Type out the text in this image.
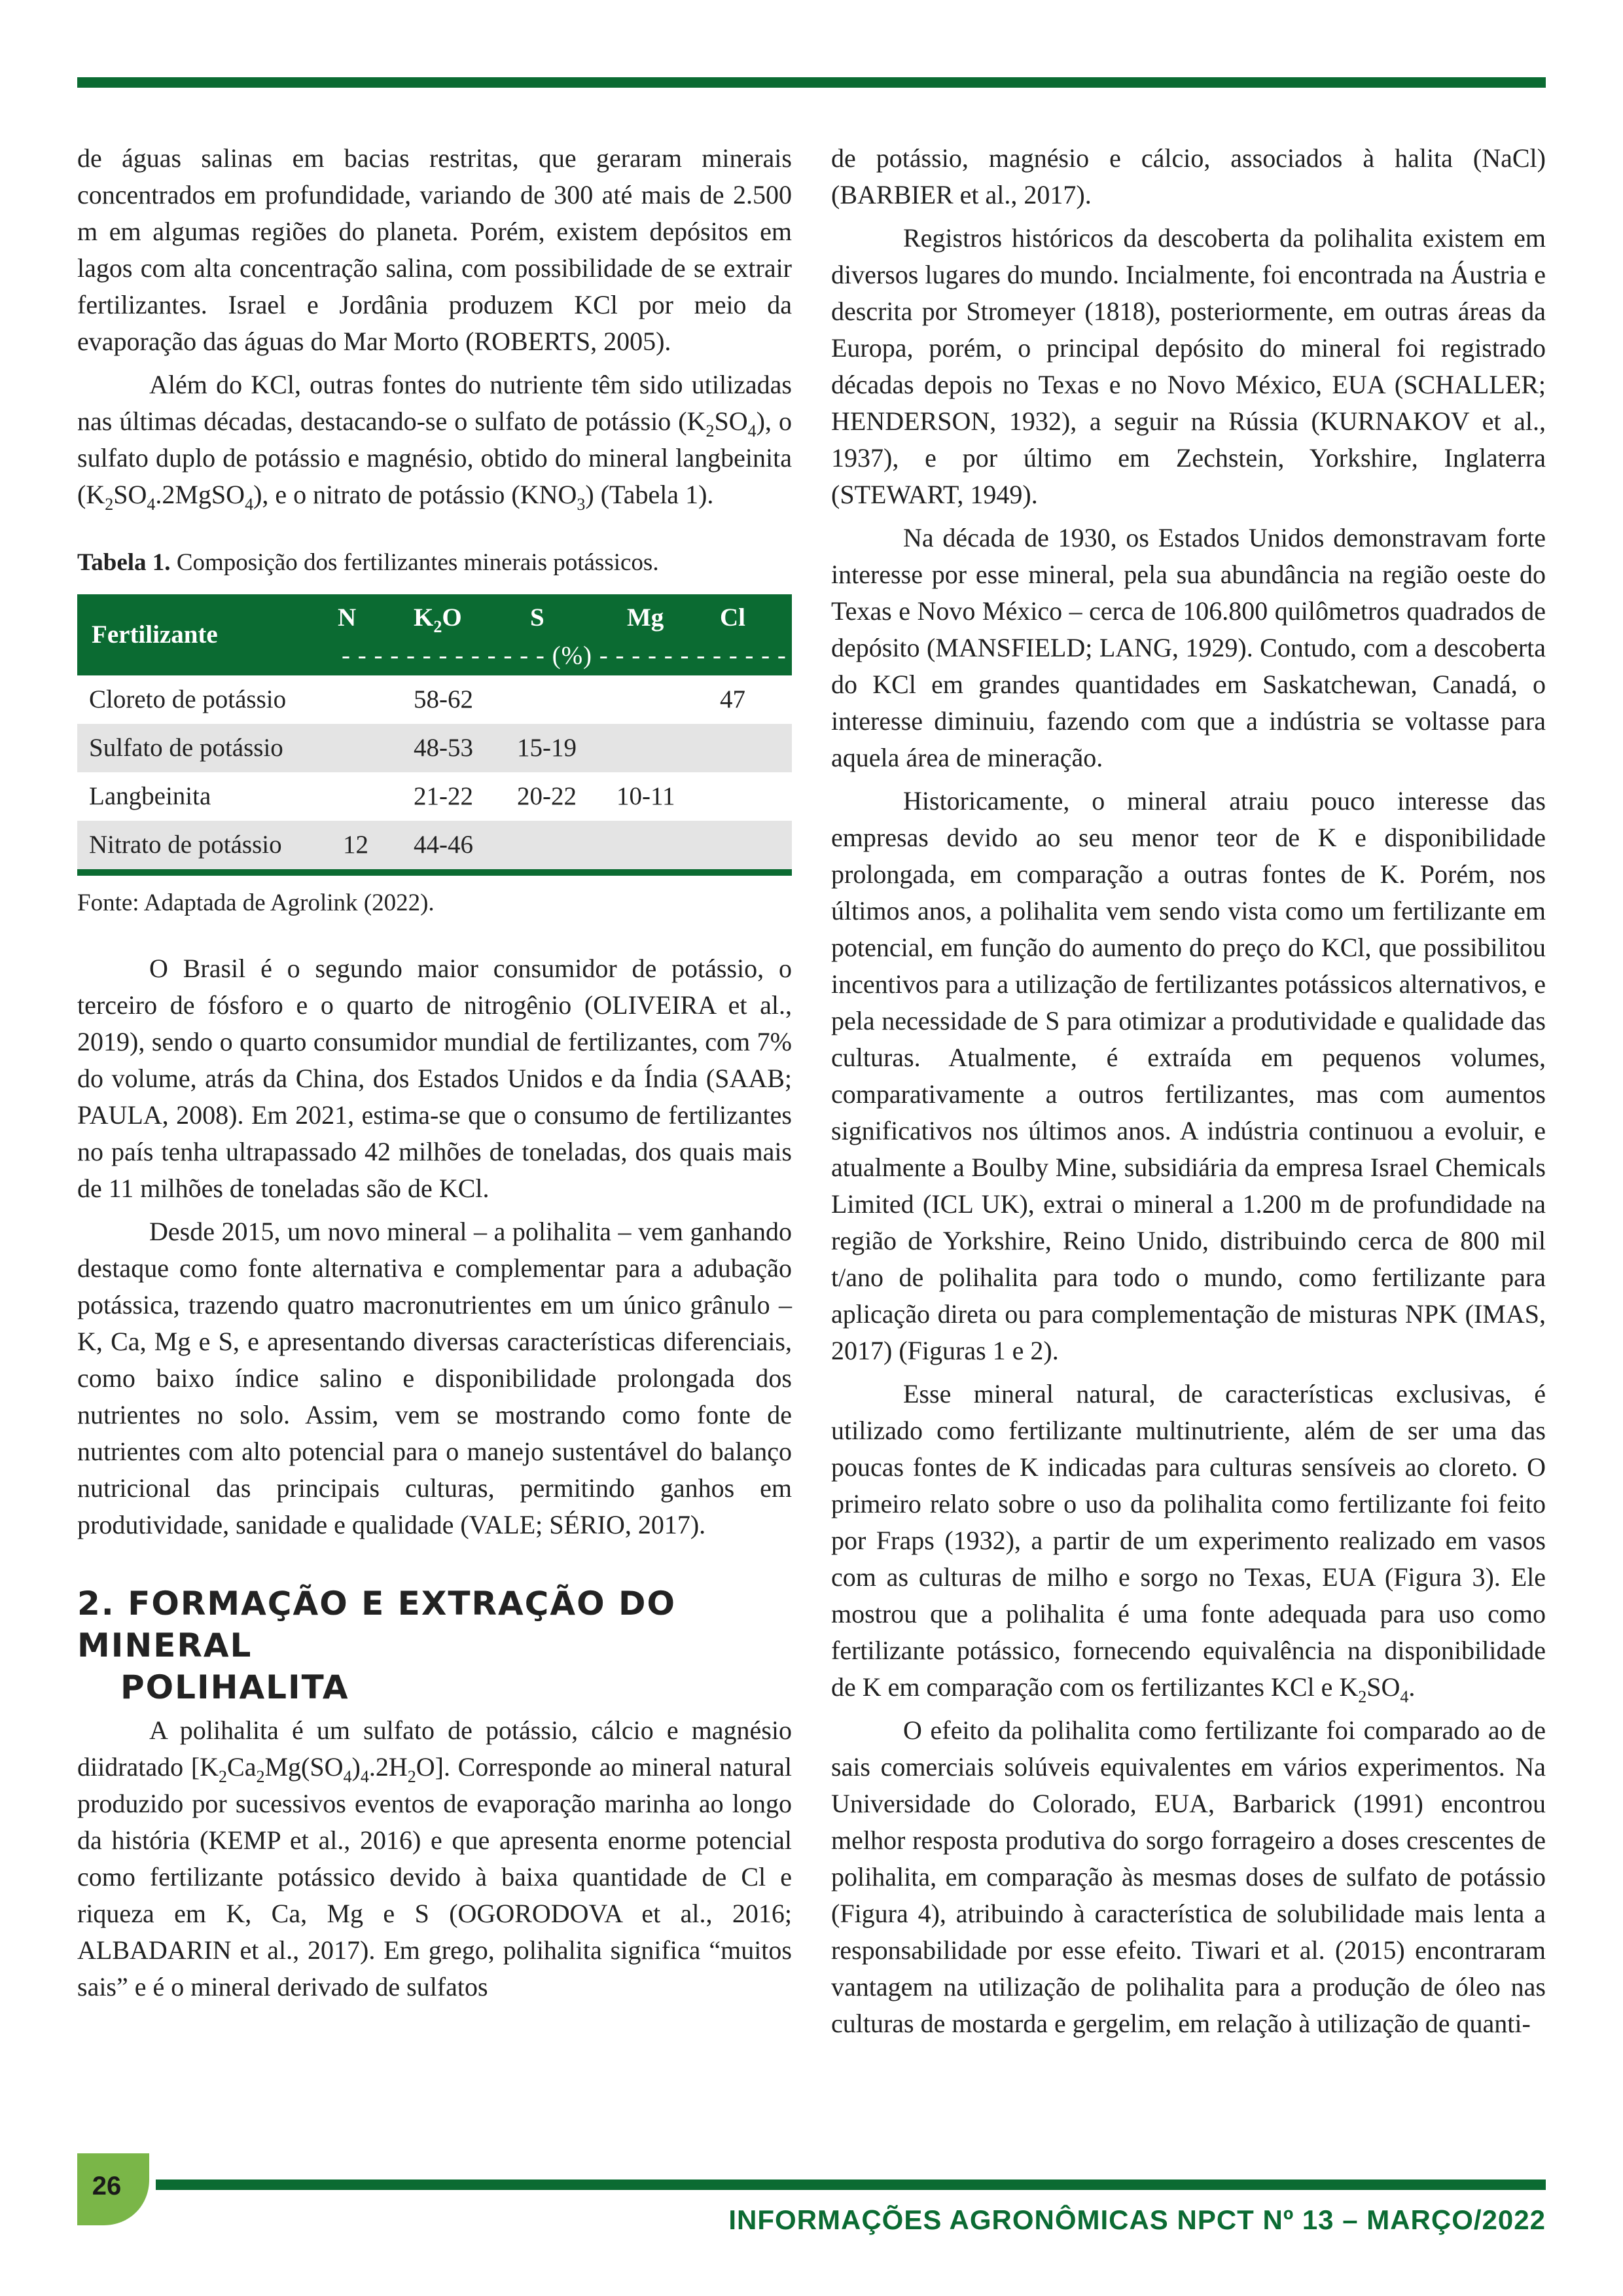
de águas salinas em bacias restritas, que geraram minerais concentrados em profundidade, variando de 300 até mais de 2.500 m em algumas regiões do planeta. Porém, existem depósitos em lagos com alta concentração salina, com possibilidade de se extrair fertilizantes. Israel e Jordânia produzem KCl por meio da evaporação das águas do Mar Morto (ROBERTS, 2005).

Além do KCl, outras fontes do nutriente têm sido utilizadas nas últimas décadas, destacando-se o sulfato de potássio $(K_2SO_4)$, o sulfato duplo de potássio e magnésio, obtido do mineral langbeinita $(K_2SO_4.2MgSO_4)$, e o nitrato de potássio $(KNO_3)$ (Tabela 1).

Tabela 1. Composição dos fertilizantes minerais potássicos.

Fertilizante	N	$K_2O$	S	Mg	Cl
	- - - - - - - - - - - - - (%) - - - - - - - - - - - -				
Cloreto de potássio		58-62			47
Sulfato de potássio		48-53	15-19		
Langbeinita		21-22	20-22	10-11	
Nitrato de potássio	12	44-46			

Fonte: Adaptada de Agrolink (2022).

O Brasil é o segundo maior consumidor de potássio, o terceiro de fósforo e o quarto de nitrogênio (OLIVEIRA et al., 2019), sendo o quarto consumidor mundial de fertilizantes, com 7% do volume, atrás da China, dos Estados Unidos e da Índia (SAAB; PAULA, 2008). Em 2021, estima-se que o consumo de fertilizantes no país tenha ultrapassado 42 milhões de toneladas, dos quais mais de 11 milhões de toneladas são de KCl.

Desde 2015, um novo mineral – a polihalita – vem ganhando destaque como fonte alternativa e complementar para a adubação potássica, trazendo quatro macronutrientes em um único grânulo – K, Ca, Mg e S, e apresentando diversas características diferenciais, como baixo índice salino e disponibilidade prolongada dos nutrientes no solo. Assim, vem se mostrando como fonte de nutrientes com alto potencial para o manejo sustentável do balanço nutricional das principais culturas, permitindo ganhos em produtividade, sanidade e qualidade (VALE; SÉRIO, 2017).

2. FORMAÇÃO E EXTRAÇÃO DO MINERAL
POLIHALITA

A polihalita é um sulfato de potássio, cálcio e magnésio diidratado $[K_2Ca_2Mg(SO_4)_4.2H_2O]$. Corresponde ao mineral natural produzido por sucessivos eventos de evaporação marinha ao longo da história (KEMP et al., 2016) e que apresenta enorme potencial como fertilizante potássico devido à baixa quantidade de Cl e riqueza em K, Ca, Mg e S (OGORODOVA et al., 2016; ALBADARIN et al., 2017). Em grego, polihalita significa “muitos sais” e é o mineral derivado de sulfatos

de potássio, magnésio e cálcio, associados à halita (NaCl) (BARBIER et al., 2017).

Registros históricos da descoberta da polihalita existem em diversos lugares do mundo. Incialmente, foi encontrada na Áustria e descrita por Stromeyer (1818), posteriormente, em outras áreas da Europa, porém, o principal depósito do mineral foi registrado décadas depois no Texas e no Novo México, EUA (SCHALLER; HENDERSON, 1932), a seguir na Rússia (KURNAKOV et al., 1937), e por último em Zechstein, Yorkshire, Inglaterra (STEWART, 1949).

Na década de 1930, os Estados Unidos demonstravam forte interesse por esse mineral, pela sua abundância na região oeste do Texas e Novo México – cerca de 106.800 quilômetros quadrados de depósito (MANSFIELD; LANG, 1929). Contudo, com a descoberta do KCl em grandes quantidades em Saskatchewan, Canadá, o interesse diminuiu, fazendo com que a indústria se voltasse para aquela área de mineração.

Historicamente, o mineral atraiu pouco interesse das empresas devido ao seu menor teor de K e disponibilidade prolongada, em comparação a outras fontes de K. Porém, nos últimos anos, a polihalita vem sendo vista como um fertilizante em potencial, em função do aumento do preço do KCl, que possibilitou incentivos para a utilização de fertilizantes potássicos alternativos, e pela necessidade de S para otimizar a produtividade e qualidade das culturas. Atualmente, é extraída em pequenos volumes, comparativamente a outros fertilizantes, mas com aumentos significativos nos últimos anos. A indústria continuou a evoluir, e atualmente a Boulby Mine, subsidiária da empresa Israel Chemicals Limited (ICL UK), extrai o mineral a 1.200 m de profundidade na região de Yorkshire, Reino Unido, distribuindo cerca de 800 mil t/ano de polihalita para todo o mundo, como fertilizante para aplicação direta ou para complementação de misturas NPK (IMAS, 2017) (Figuras 1 e 2).

Esse mineral natural, de características exclusivas, é utilizado como fertilizante multinutriente, além de ser uma das poucas fontes de K indicadas para culturas sensíveis ao cloreto. O primeiro relato sobre o uso da polihalita como fertilizante foi feito por Fraps (1932), a partir de um experimento realizado em vasos com as culturas de milho e sorgo no Texas, EUA (Figura 3). Ele mostrou que a polihalita é uma fonte adequada para uso como fertilizante potássico, fornecendo equivalência na disponibilidade de K em comparação com os fertilizantes KCl e $K_2SO_4$.

O efeito da polihalita como fertilizante foi comparado ao de sais comerciais solúveis equivalentes em vários experimentos. Na Universidade do Colorado, EUA, Barbarick (1991) encontrou melhor resposta produtiva do sorgo forrageiro a doses crescentes de polihalita, em comparação às mesmas doses de sulfato de potássio (Figura 4), atribuindo à característica de solubilidade mais lenta a responsabilidade por esse efeito. Tiwari et al. (2015) encontraram vantagem na utilização de polihalita para a produção de óleo nas culturas de mostarda e gergelim, em relação à utilização de quanti-

26
INFORMAÇÕES AGRONÔMICAS NPCT Nº 13 – MARÇO/2022
